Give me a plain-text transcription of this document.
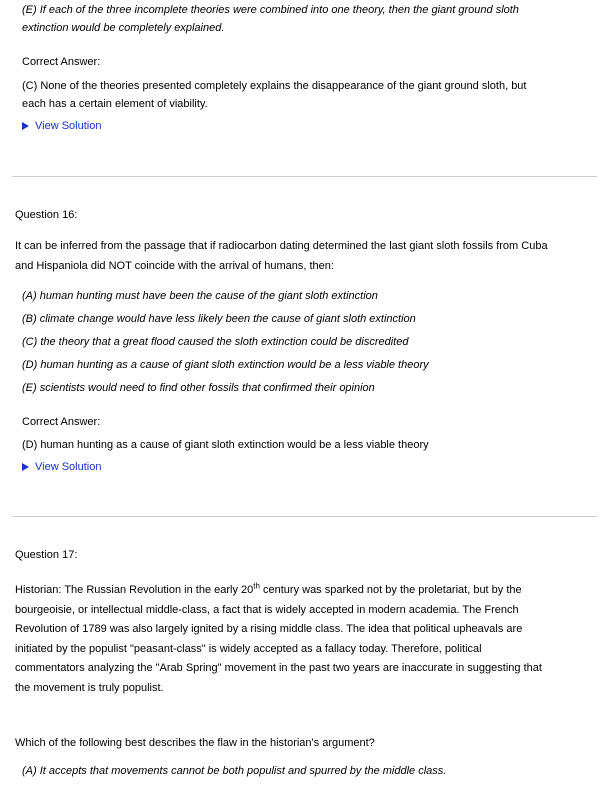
(E) If each of the three incomplete theories were combined into one theory, then the giant ground sloth
extinction would be completely explained.
Correct Answer:
(C) None of the theories presented completely explains the disappearance of the giant ground sloth, but
each has a certain element of viability.
View Solution
Question 16:
It can be inferred from the passage that if radiocarbon dating determined the last giant sloth fossils from Cuba
and Hispaniola did NOT coincide with the arrival of humans, then:
(A) human hunting must have been the cause of the giant sloth extinction
(B) climate change would have less likely been the cause of giant sloth extinction
(C) the theory that a great flood caused the sloth extinction could be discredited
(D) human hunting as a cause of giant sloth extinction would be a less viable theory
(E) scientists would need to find other fossils that confirmed their opinion
Correct Answer:
(D) human hunting as a cause of giant sloth extinction would be a less viable theory
View Solution
Question 17:
Historian: The Russian Revolution in the early 20th century was sparked not by the proletariat, but by the
bourgeoisie, or intellectual middle-class, a fact that is widely accepted in modern academia. The French
Revolution of 1789 was also largely ignited by a rising middle class. The idea that political upheavals are
initiated by the populist "peasant-class" is widely accepted as a fallacy today. Therefore, political
commentators analyzing the "Arab Spring" movement in the past two years are inaccurate in suggesting that
the movement is truly populist.
Which of the following best describes the flaw in the historian's argument?
(A) It accepts that movements cannot be both populist and spurred by the middle class.
